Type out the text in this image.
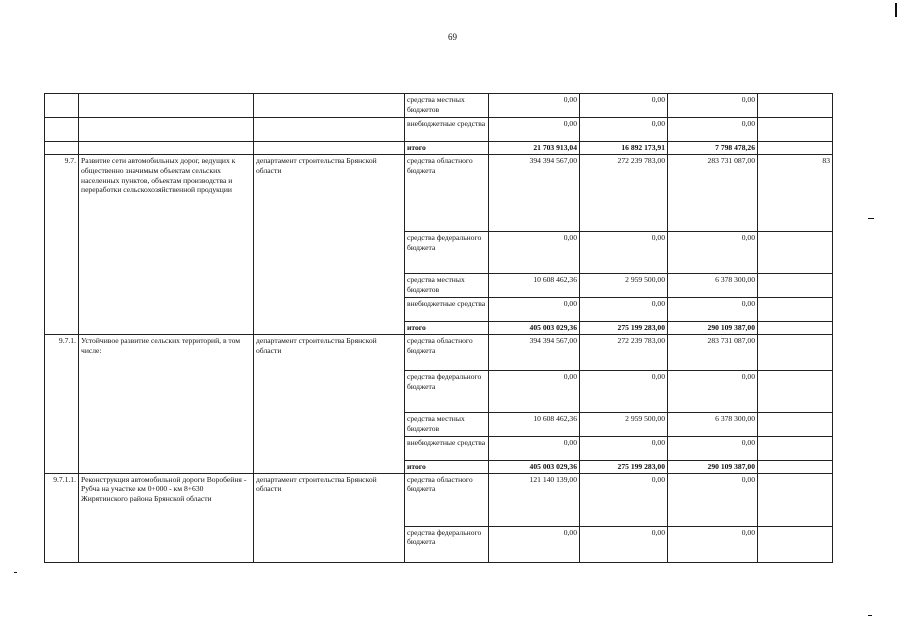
69
			средства местных бюджетов	0,00	0,00	0,00	
			внебюджетные средства	0,00	0,00	0,00	
			итого	21 703 913,04	16 892 173,91	7 798 478,26	
9.7.	Развитие сети автомобильных дорог, ведущих к общественно значимым объектам сельских населенных пунктов, объектам производства и переработки сельскохозяйственной продукции	департамент строительства Брянской области	средства областного бюджета	394 394 567,00	272 239 783,00	283 731 087,00	83
			средства федерального бюджета	0,00	0,00	0,00	
			средства местных бюджетов	10 608 462,36	2 959 500,00	6 378 300,00	
			внебюджетные средства	0,00	0,00	0,00	
			итого	405 003 029,36	275 199 283,00	290 109 387,00	
9.7.1.	Устойчивое развитие сельских территорий, в том числе:	департамент строительства Брянской области	средства областного бюджета	394 394 567,00	272 239 783,00	283 731 087,00	
			средства федерального бюджета	0,00	0,00	0,00	
			средства местных бюджетов	10 608 462,36	2 959 500,00	6 378 300,00	
			внебюджетные средства	0,00	0,00	0,00	
			итого	405 003 029,36	275 199 283,00	290 109 387,00	
9.7.1.1.	Реконструкция автомобильной дороги Воробейня - Рубча на участке км 0+000 - км 8+630 Жирятинского района Брянской области	департамент строительства Брянской области	средства областного бюджета	121 140 139,00	0,00	0,00	
			средства федерального бюджета	0,00	0,00	0,00	
